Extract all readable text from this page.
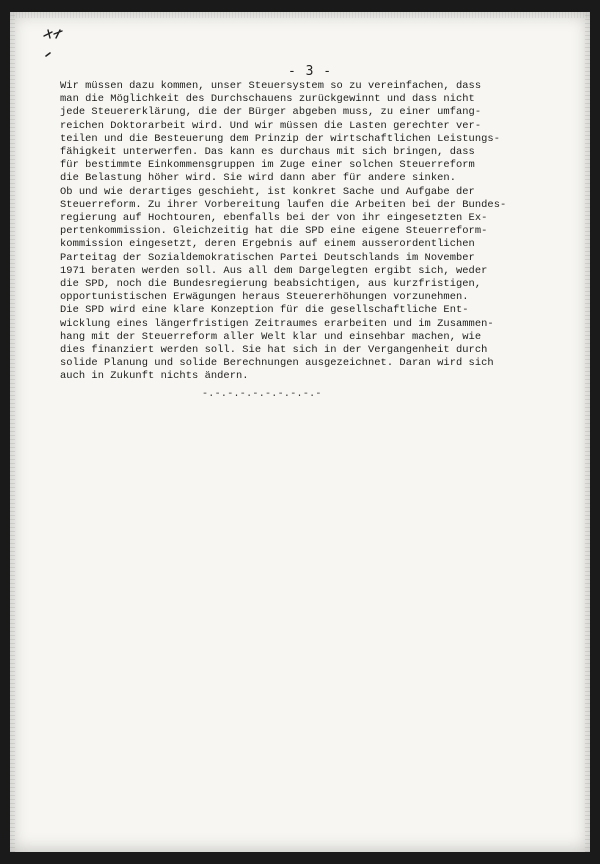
- 3 -
Wir müssen dazu kommen, unser Steuersystem so zu vereinfachen, dass
man die Möglichkeit des Durchschauens zurückgewinnt und dass nicht
jede Steuererklärung, die der Bürger abgeben muss, zu einer umfang-
reichen Doktorarbeit wird. Und wir müssen die Lasten gerechter ver-
teilen und die Besteuerung dem Prinzip der wirtschaftlichen Leistungs-
fähigkeit unterwerfen. Das kann es durchaus mit sich bringen, dass
für bestimmte Einkommensgruppen im Zuge einer solchen Steuerreform
die Belastung höher wird. Sie wird dann aber für andere sinken.
Ob und wie derartiges geschieht, ist konkret Sache und Aufgabe der
Steuerreform. Zu ihrer Vorbereitung laufen die Arbeiten bei der Bundes-
regierung auf Hochtouren, ebenfalls bei der von ihr eingesetzten Ex-
pertenkommission. Gleichzeitig hat die SPD eine eigene Steuerreform-
kommission eingesetzt, deren Ergebnis auf einem ausserordentlichen
Parteitag der Sozialdemokratischen Partei Deutschlands im November
1971 beraten werden soll. Aus all dem Dargelegten ergibt sich, weder
die SPD, noch die Bundesregierung beabsichtigen, aus kurzfristigen,
opportunistischen Erwägungen heraus Steuererhöhungen vorzunehmen.
Die SPD wird eine klare Konzeption für die gesellschaftliche Ent-
wicklung eines längerfristigen Zeitraumes erarbeiten und im Zusammen-
hang mit der Steuerreform aller Welt klar und einsehbar machen, wie
dies finanziert werden soll. Sie hat sich in der Vergangenheit durch
solide Planung und solide Berechnungen ausgezeichnet. Daran wird sich
auch in Zukunft nichts ändern.
-.-.-.-.-.-.-.-.-.-
